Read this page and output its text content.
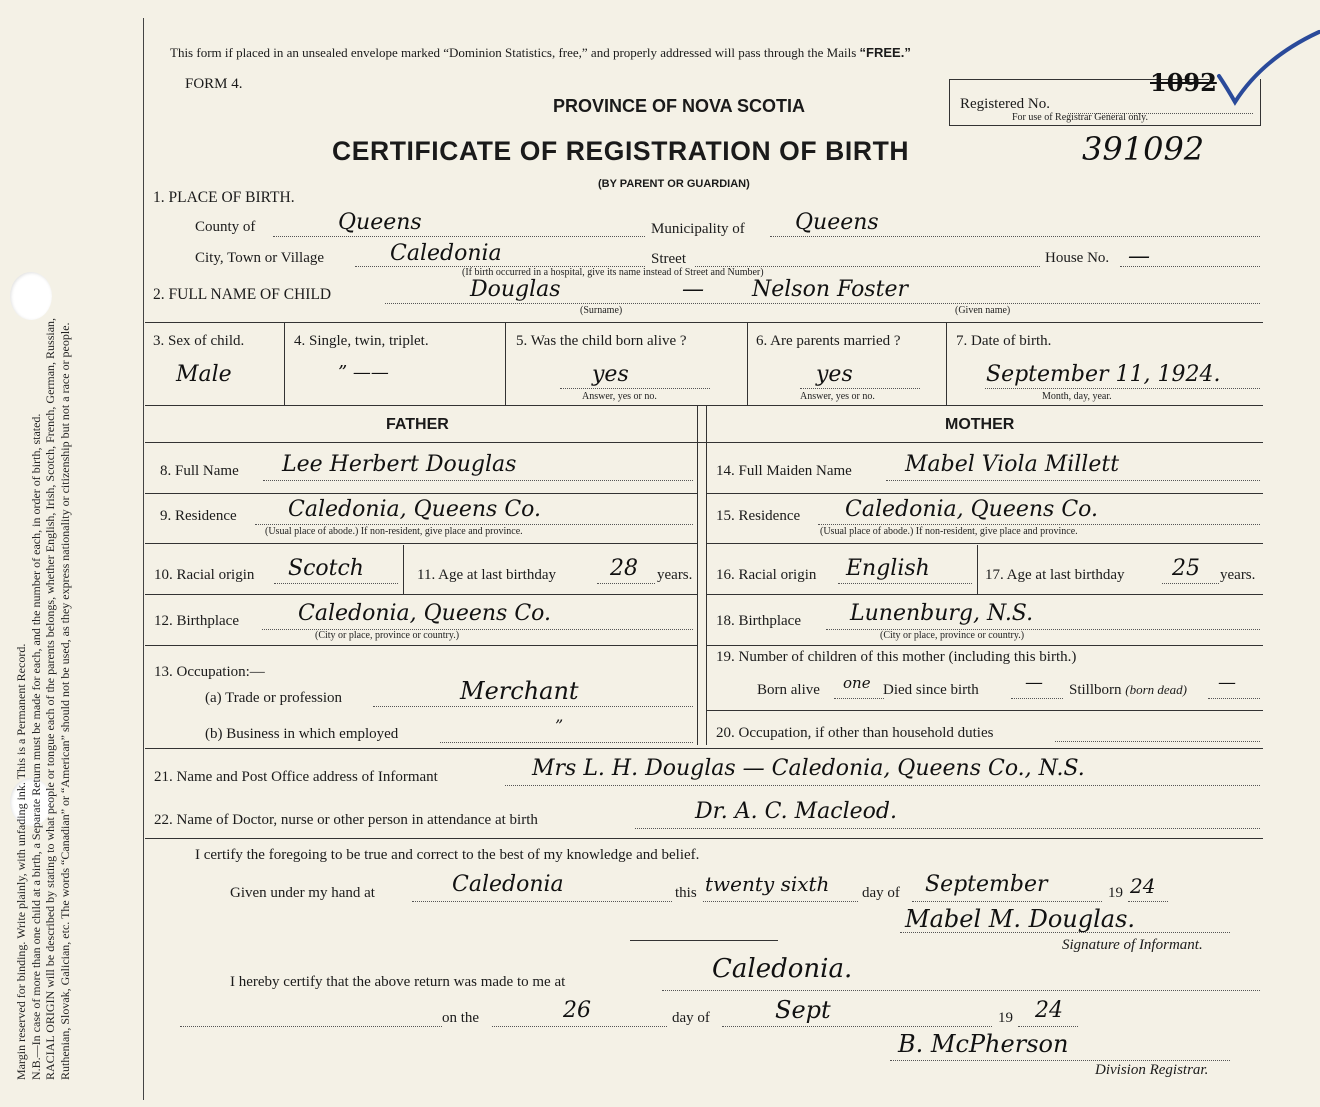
Margin reserved for binding. Write plainly, with unfading ink. This is a Permanent Record. N.B.—In case of more than one child at a birth, a Separate Return must be made for each, and the number of each, in order of birth, stated. RACIAL ORIGIN will be described by stating to what people or tongue each of the parents belongs, whether English, Irish, Scotch, French, German, Russian, Ruthenian, Slovak, Galician, etc. The words “Canadian” or “American” should not be used, as they express nationality or citizenship but not a race or people.
This form if placed in an unsealed envelope marked “Dominion Statistics, free,” and properly addressed will pass through the Mails “FREE.”
FORM 4.
PROVINCE OF NOVA SCOTIA
CERTIFICATE OF REGISTRATION OF BIRTH
(BY PARENT OR GUARDIAN)
391092
Registered No.
For use of Registrar General only.
1092
1. PLACE OF BIRTH.
County of	Queens	Municipality of Queens
City, Town or Village	Caledonia	Street	House No. —
(If birth occurred in a hospital, give its name instead of Street and Number)
2. FULL NAME OF CHILD	Douglas	— Nelson Foster
(Surname)	(Given name)
3. Sex of child.
Male
4. Single, twin, triplet.
” ——
5. Was the child born alive ?
yes
Answer, yes or no.
6. Are parents married ?
yes
Answer, yes or no.
7. Date of birth.
September 11, 1924.
Month, day, year.
FATHER	MOTHER
8. Full Name Lee Herbert Douglas	14. Full Maiden Name Mabel Viola Millett
9. Residence Caledonia, Queens Co.
(Usual place of abode.) If non-resident, give place and province.
15. Residence Caledonia, Queens Co.
(Usual place of abode.) If non-resident, give place and province.
10. Racial origin Scotch	11. Age at last birthday 28 years. 16. Racial origin English	17. Age at last birthday 25 years.
12. Birthplace	Caledonia, Queens Co.
(City or place, province or country.)
18. Birthplace Lunenburg, N.S.
(City or place, province or country.)
13. Occupation:—
(a) Trade or profession	Merchant
(b) Business in which employed	”
19. Number of children of this mother (including this birth.)
Born alive one Died since birth	— Stillborn (born dead) —
20. Occupation, if other than household duties
21. Name and Post Office address of Informant	Mrs L. H. Douglas — Caledonia, Queens Co., N.S.
22. Name of Doctor, nurse or other person in attendance at birth	Dr. A. C. Macleod.
I certify the foregoing to be true and correct to the best of my knowledge and belief.
Given under my hand at	Caledonia	this twenty sixth day of September	19 24
Mabel M. Douglas.
Signature of Informant.
I hereby certify that the above return was made to me at	Caledonia.
on the	26	day of	Sept	19 24
B. McPherson
Division Registrar.
